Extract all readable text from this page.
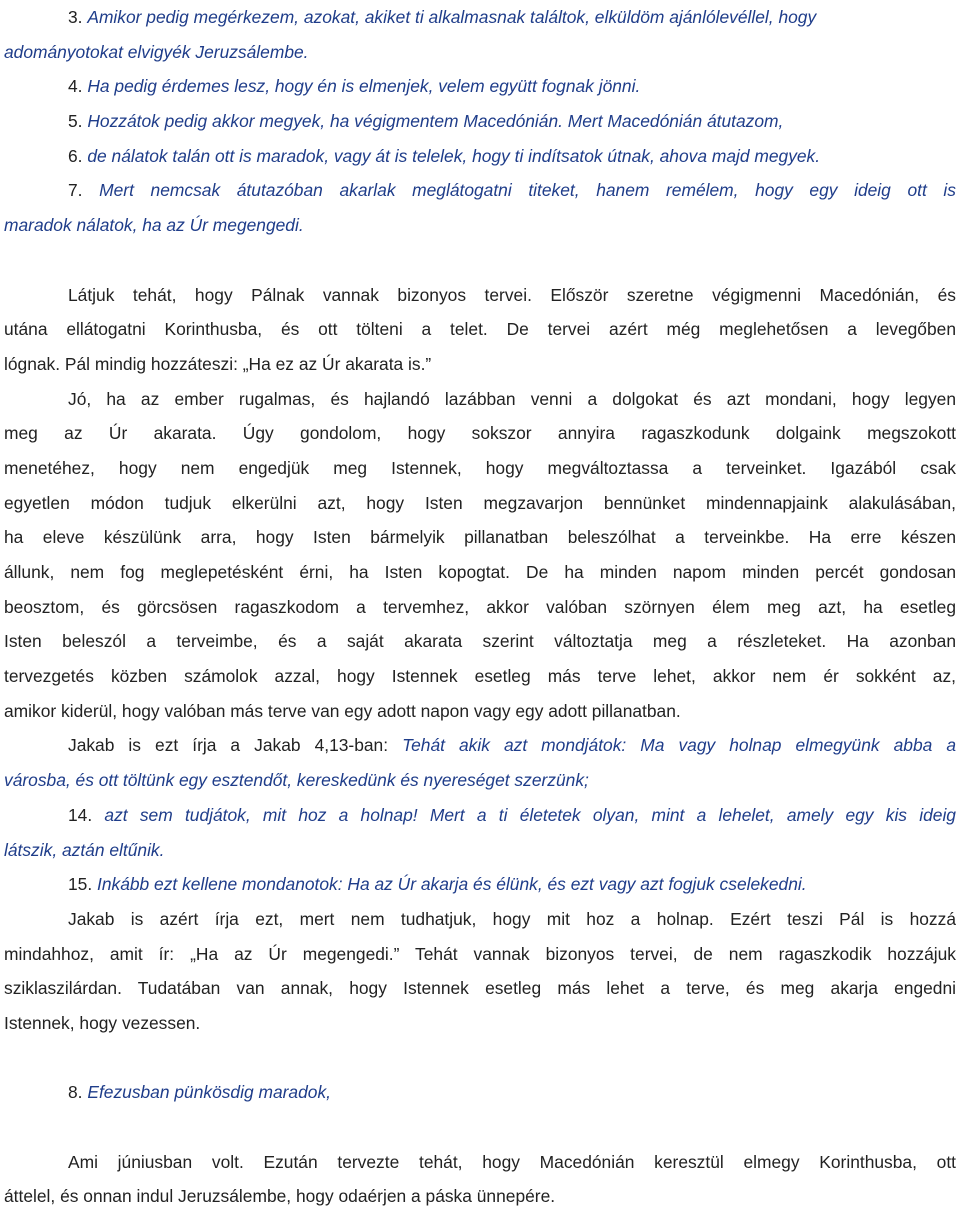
3. Amikor pedig megérkezem, azokat, akiket ti alkalmasnak találtok, elküldöm ajánlólevéllel, hogy
adományotokat elvigyék Jeruzsálembe.
4. Ha pedig érdemes lesz, hogy én is elmenjek, velem együtt fognak jönni.
5. Hozzátok pedig akkor megyek, ha végigmentem Macedónián. Mert Macedónián átutazom,
6. de nálatok talán ott is maradok, vagy át is telelek, hogy ti indítsatok útnak, ahova majd megyek.
7. Mert nemcsak átutazóban akarlak meglátogatni titeket, hanem remélem, hogy egy ideig ott is
maradok nálatok, ha az Úr megengedi.
Látjuk tehát, hogy Pálnak vannak bizonyos tervei. Először szeretne végigmenni Macedónián, és
utána ellátogatni Korinthusba, és ott tölteni a telet. De tervei azért még meglehetősen a levegőben
lógnak. Pál mindig hozzáteszi: „Ha ez az Úr akarata is.”
Jó, ha az ember rugalmas, és hajlandó lazábban venni a dolgokat és azt mondani, hogy legyen
meg az Úr akarata. Úgy gondolom, hogy sokszor annyira ragaszkodunk dolgaink megszokott
menetéhez, hogy nem engedjük meg Istennek, hogy megváltoztassa a terveinket. Igazából csak
egyetlen módon tudjuk elkerülni azt, hogy Isten megzavarjon bennünket mindennapjaink alakulásában,
ha eleve készülünk arra, hogy Isten bármelyik pillanatban beleszólhat a terveinkbe. Ha erre készen
állunk, nem fog meglepetésként érni, ha Isten kopogtat. De ha minden napom minden percét gondosan
beosztom, és görcsösen ragaszkodom a tervemhez, akkor valóban szörnyen élem meg azt, ha esetleg
Isten beleszól a terveimbe, és a saját akarata szerint változtatja meg a részleteket. Ha azonban
tervezgetés közben számolok azzal, hogy Istennek esetleg más terve lehet, akkor nem ér sokként az,
amikor kiderül, hogy valóban más terve van egy adott napon vagy egy adott pillanatban.
Jakab is ezt írja a Jakab 4,13-ban: Tehát akik azt mondjátok: Ma vagy holnap elmegyünk abba a
városba, és ott töltünk egy esztendőt, kereskedünk és nyereséget szerzünk;
14. azt sem tudjátok, mit hoz a holnap! Mert a ti életetek olyan, mint a lehelet, amely egy kis ideig
látszik, aztán eltűnik.
15. Inkább ezt kellene mondanotok: Ha az Úr akarja és élünk, és ezt vagy azt fogjuk cselekedni.
Jakab is azért írja ezt, mert nem tudhatjuk, hogy mit hoz a holnap. Ezért teszi Pál is hozzá
mindahhoz, amit ír: „Ha az Úr megengedi.” Tehát vannak bizonyos tervei, de nem ragaszkodik hozzájuk
sziklaszilárdan. Tudatában van annak, hogy Istennek esetleg más lehet a terve, és meg akarja engedni
Istennek, hogy vezessen.
8. Efezusban pünkösdig maradok,
Ami júniusban volt. Ezután tervezte tehát, hogy Macedónián keresztül elmegy Korinthusba, ott
áttelel, és onnan indul Jeruzsálembe, hogy odaérjen a páska ünnepére.
